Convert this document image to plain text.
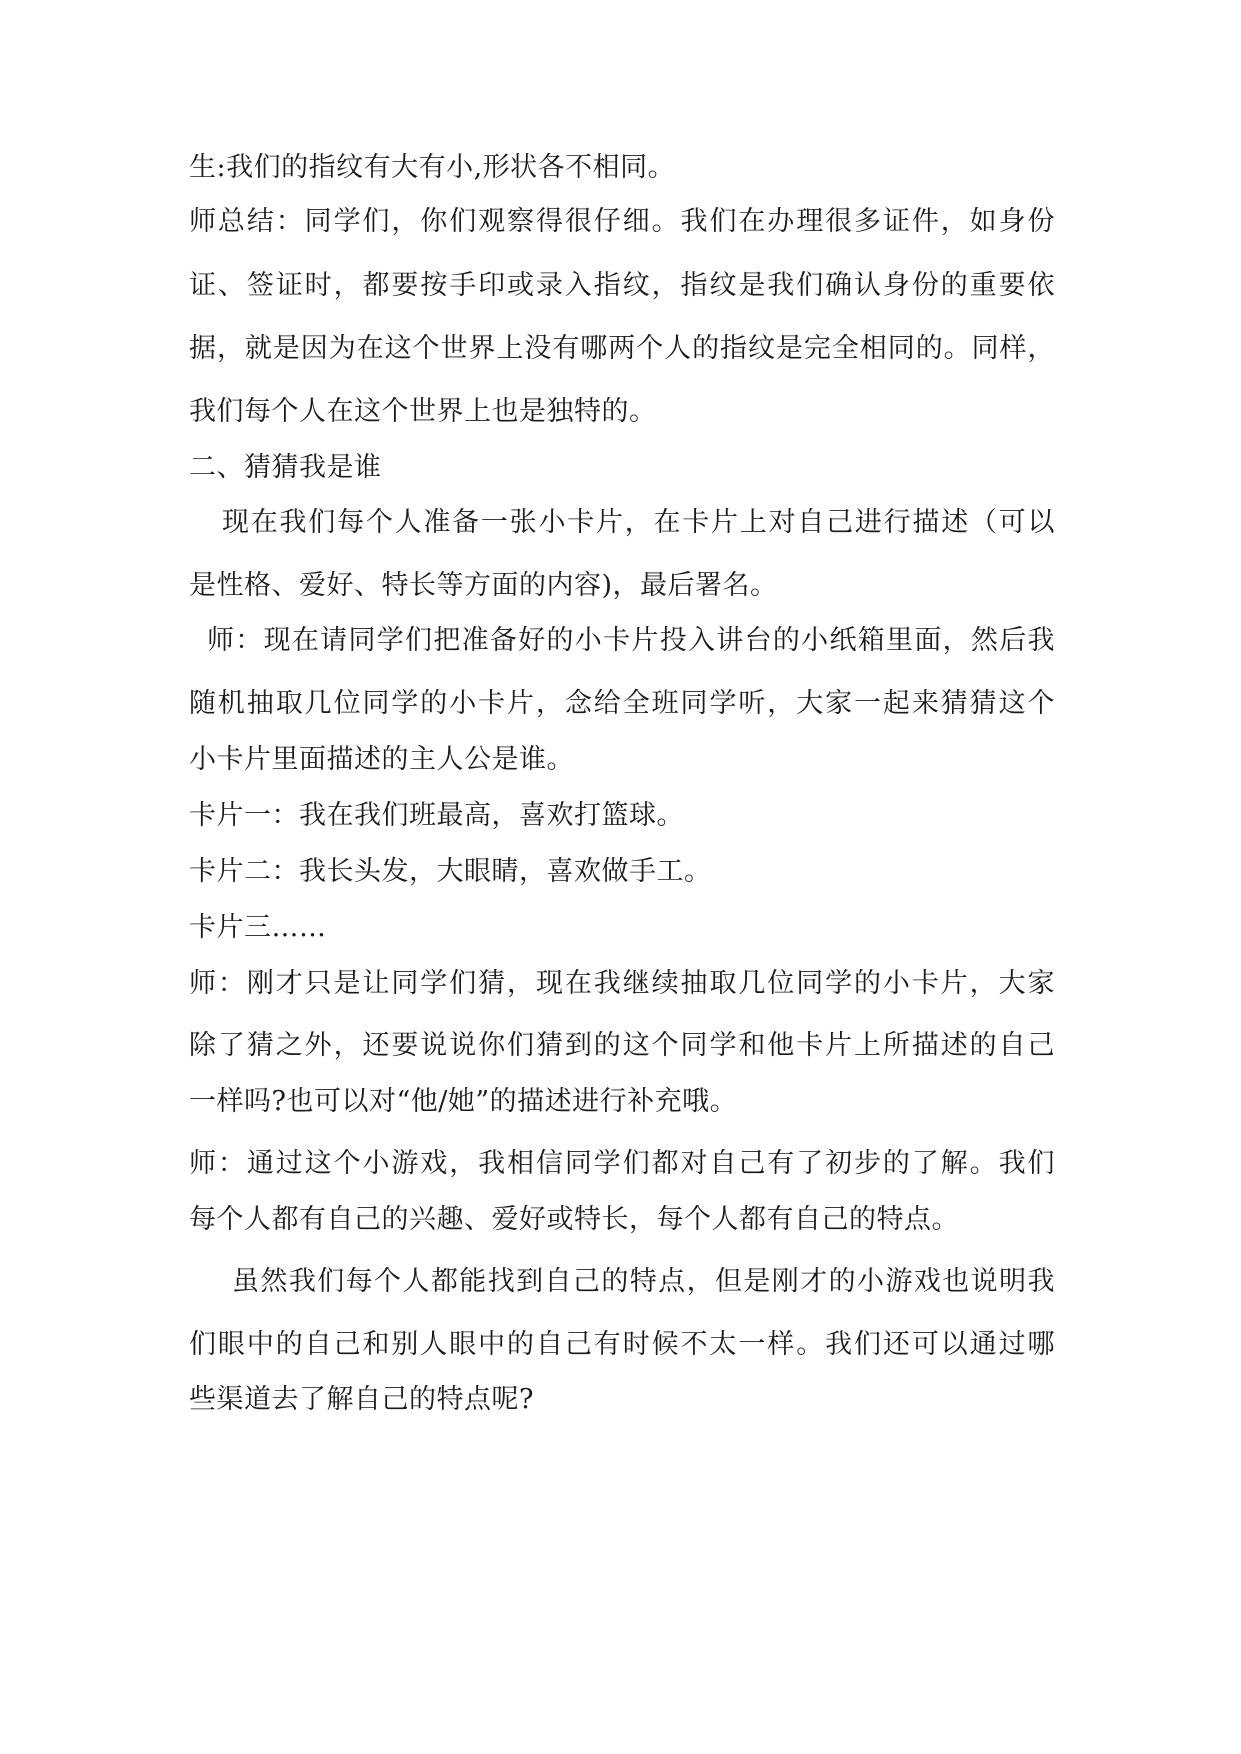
生:我们的指纹有大有小,形状各不相同。
师总结：同学们，你们观察得很仔细。我们在办理很多证件，如身份
证、签证时，都要按手印或录入指纹，指纹是我们确认身份的重要依
据，就是因为在这个世界上没有哪两个人的指纹是完全相同的。同样，
我们每个人在这个世界上也是独特的。
二、猜猜我是谁
现在我们每个人准备一张小卡片，在卡片上对自己进行描述（可以
是性格、爱好、特长等方面的内容)，最后署名。
师：现在请同学们把准备好的小卡片投入讲台的小纸箱里面，然后我
随机抽取几位同学的小卡片，念给全班同学听，大家一起来猜猜这个
小卡片里面描述的主人公是谁。
卡片一：我在我们班最高，喜欢打篮球。
卡片二：我长头发，大眼睛，喜欢做手工。
卡片三……
师：刚才只是让同学们猜，现在我继续抽取几位同学的小卡片，大家
除了猜之外，还要说说你们猜到的这个同学和他卡片上所描述的自己
一样吗?也可以对“他/她”的描述进行补充哦。
师：通过这个小游戏，我相信同学们都对自己有了初步的了解。我们
每个人都有自己的兴趣、爱好或特长，每个人都有自己的特点。
虽然我们每个人都能找到自己的特点，但是刚才的小游戏也说明我
们眼中的自己和别人眼中的自己有时候不太一样。我们还可以通过哪
些渠道去了解自己的特点呢?
